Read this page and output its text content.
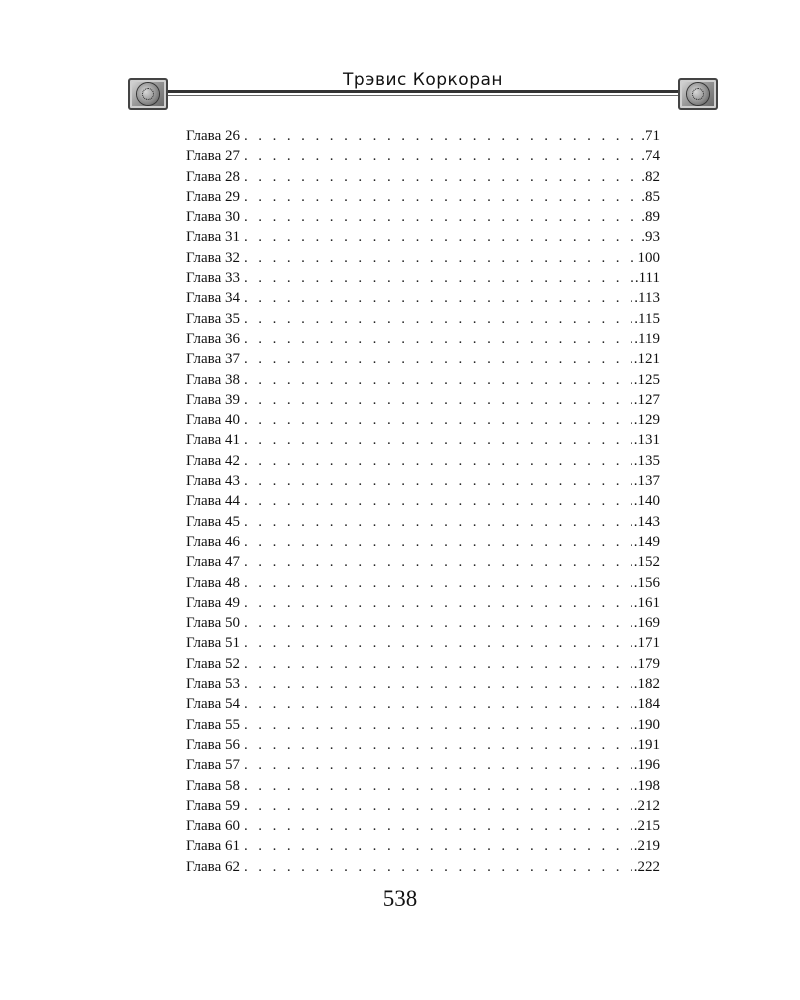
Трэвис Коркоран
Глава 26 . . .	.71
Глава 27 . . .	.74
Глава 28 . . .	.82
Глава 29 . . .	.85
Глава 30 . . .	.89
Глава 31 . . .	.93
Глава 32 . . .	100
Глава 33 . . .	.111
Глава 34 . . .	.113
Глава 35 . . .	.115
Глава 36 . . .	.119
Глава 37 . . .	.121
Глава 38 . . .	.125
Глава 39 . . .	.127
Глава 40 . . .	.129
Глава 41 . . .	.131
Глава 42 . . .	.135
Глава 43 . . .	.137
Глава 44 . . .	.140
Глава 45 . . .	.143
Глава 46 . . .	.149
Глава 47 . . .	.152
Глава 48 . . .	.156
Глава 49 . . .	.161
Глава 50 . . .	.169
Глава 51 . . .	.171
Глава 52 . . .	.179
Глава 53 . . .	.182
Глава 54 . . .	.184
Глава 55 . . .	.190
Глава 56 . . .	.191
Глава 57 . . .	.196
Глава 58 . . .	.198
Глава 59 . . .	.212
Глава 60 . . .	.215
Глава 61 . . .	.219
Глава 62 . . .	.222
538
